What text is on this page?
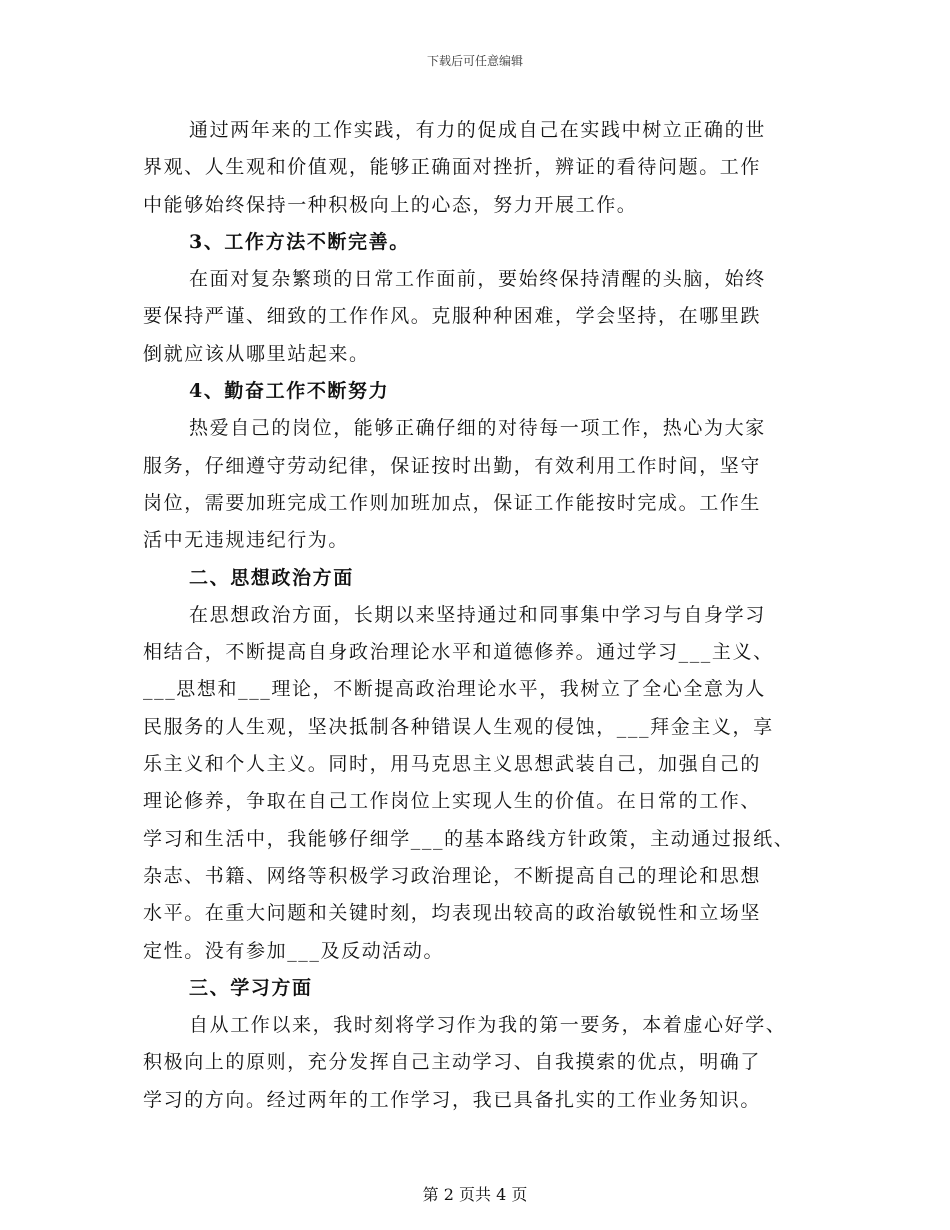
下载后可任意编辑
通过两年来的工作实践，有力的促成自己在实践中树立正确的世
界观、人生观和价值观，能够正确面对挫折，辨证的看待问题。工作
中能够始终保持一种积极向上的心态，努力开展工作。
3、工作方法不断完善。
在面对复杂繁琐的日常工作面前，要始终保持清醒的头脑，始终
要保持严谨、细致的工作作风。克服种种困难，学会坚持，在哪里跌
倒就应该从哪里站起来。
4、勤奋工作不断努力
热爱自己的岗位，能够正确仔细的对待每一项工作，热心为大家
服务，仔细遵守劳动纪律，保证按时出勤，有效利用工作时间，坚守
岗位，需要加班完成工作则加班加点，保证工作能按时完成。工作生
活中无违规违纪行为。
二、思想政治方面
在思想政治方面，长期以来坚持通过和同事集中学习与自身学习
相结合，不断提高自身政治理论水平和道德修养。通过学习___主义、
___思想和___理论，不断提高政治理论水平，我树立了全心全意为人
民服务的人生观，坚决抵制各种错误人生观的侵蚀，___拜金主义，享
乐主义和个人主义。同时，用马克思主义思想武装自己，加强自己的
理论修养，争取在自己工作岗位上实现人生的价值。在日常的工作、
学习和生活中，我能够仔细学___的基本路线方针政策，主动通过报纸、
杂志、书籍、网络等积极学习政治理论，不断提高自己的理论和思想
水平。在重大问题和关键时刻，均表现出较高的政治敏锐性和立场坚
定性。没有参加___及反动活动。
三、学习方面
自从工作以来，我时刻将学习作为我的第一要务，本着虚心好学、
积极向上的原则，充分发挥自己主动学习、自我摸索的优点，明确了
学习的方向。经过两年的工作学习，我已具备扎实的工作业务知识。
第 2 页共 4 页
